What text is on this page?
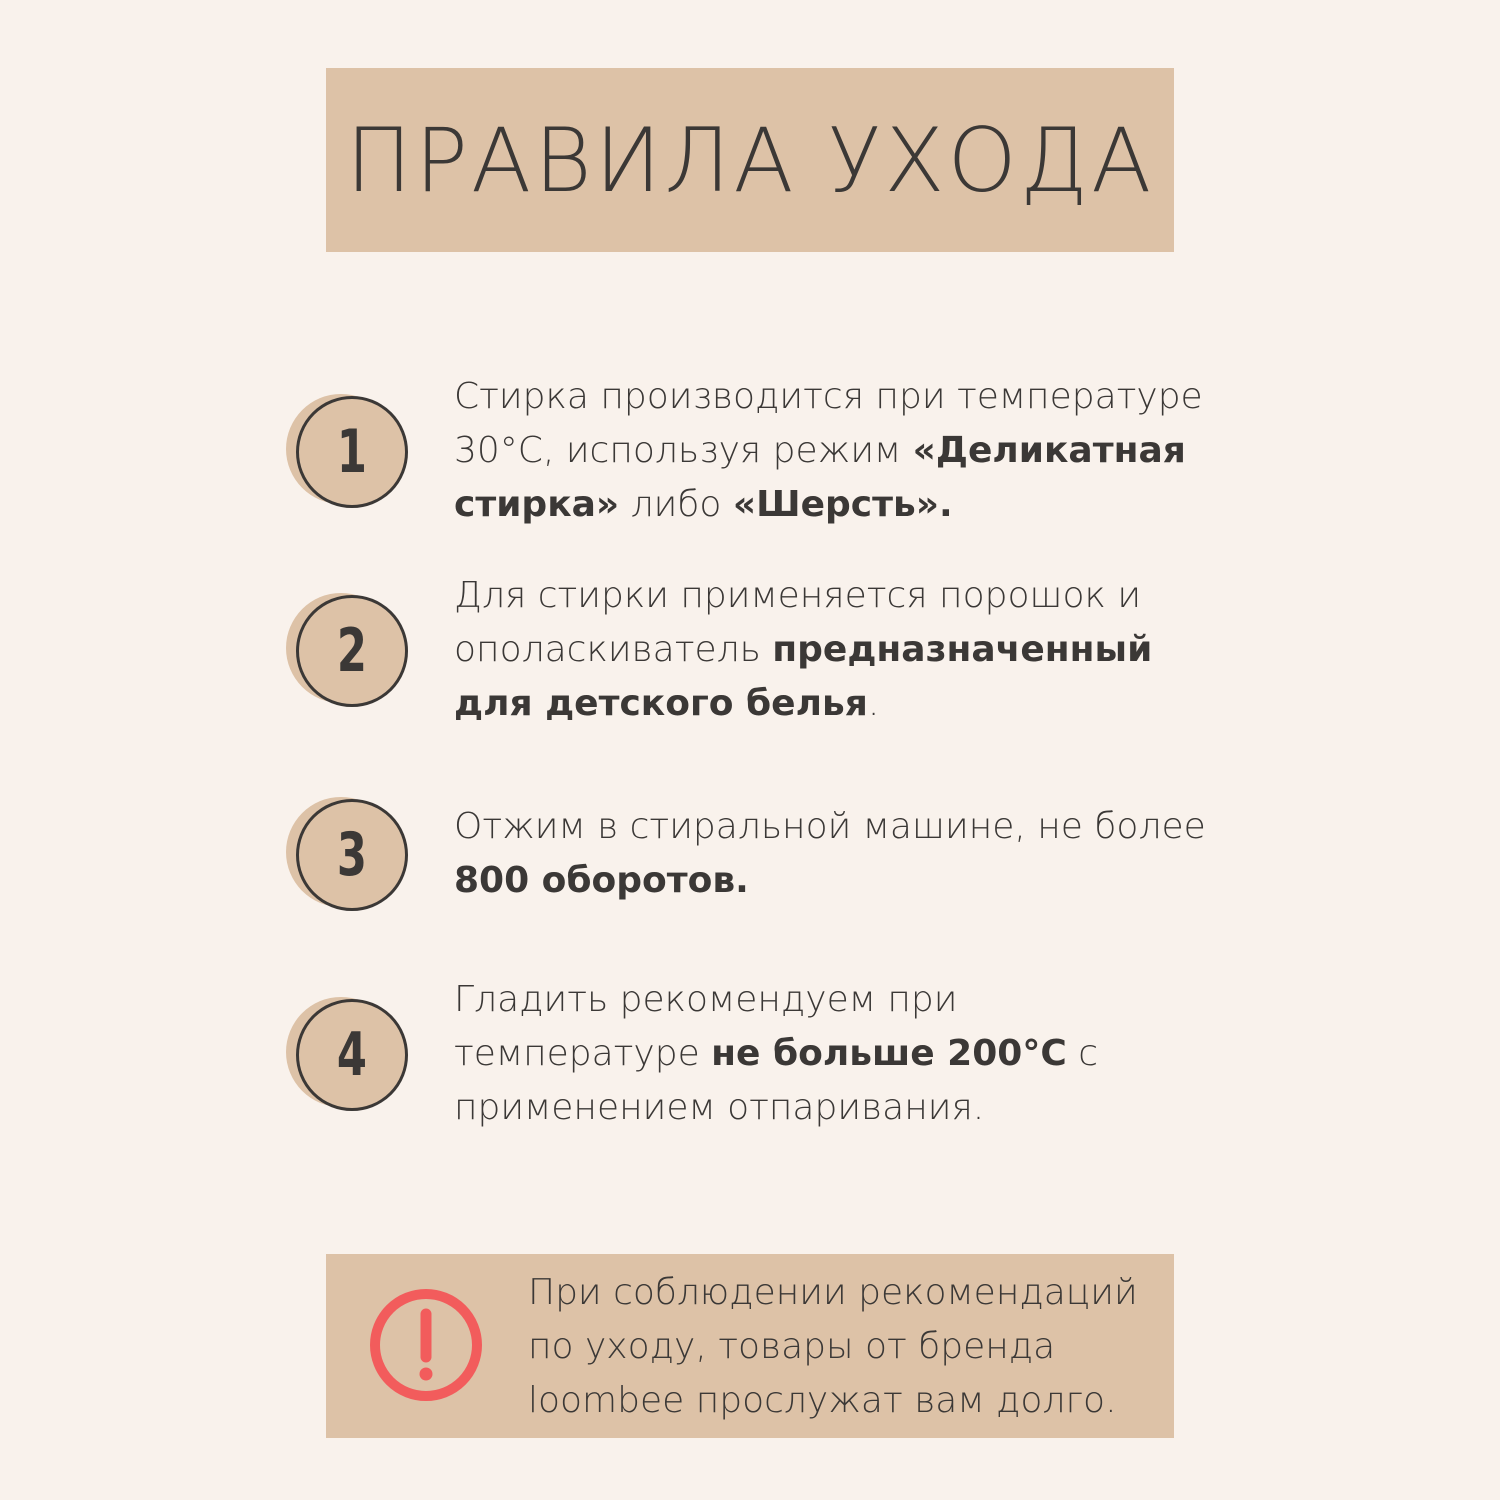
ПРАВИЛА УХОДА
1
Стирка производится при температуре 30°С, используя режим «Деликатная стирка» либо «Шерсть».
2
Для стирки применяется порошок и ополаскиватель предназначенный для детского белья.
3 Отжим в стиральной машине, не более 800 оборотов.
4
Гладить рекомендуем при температуре не больше 200°С с применением отпаривания.
При соблюдении рекомендаций по уходу, товары от бренда loombee прослужат вам долго.
